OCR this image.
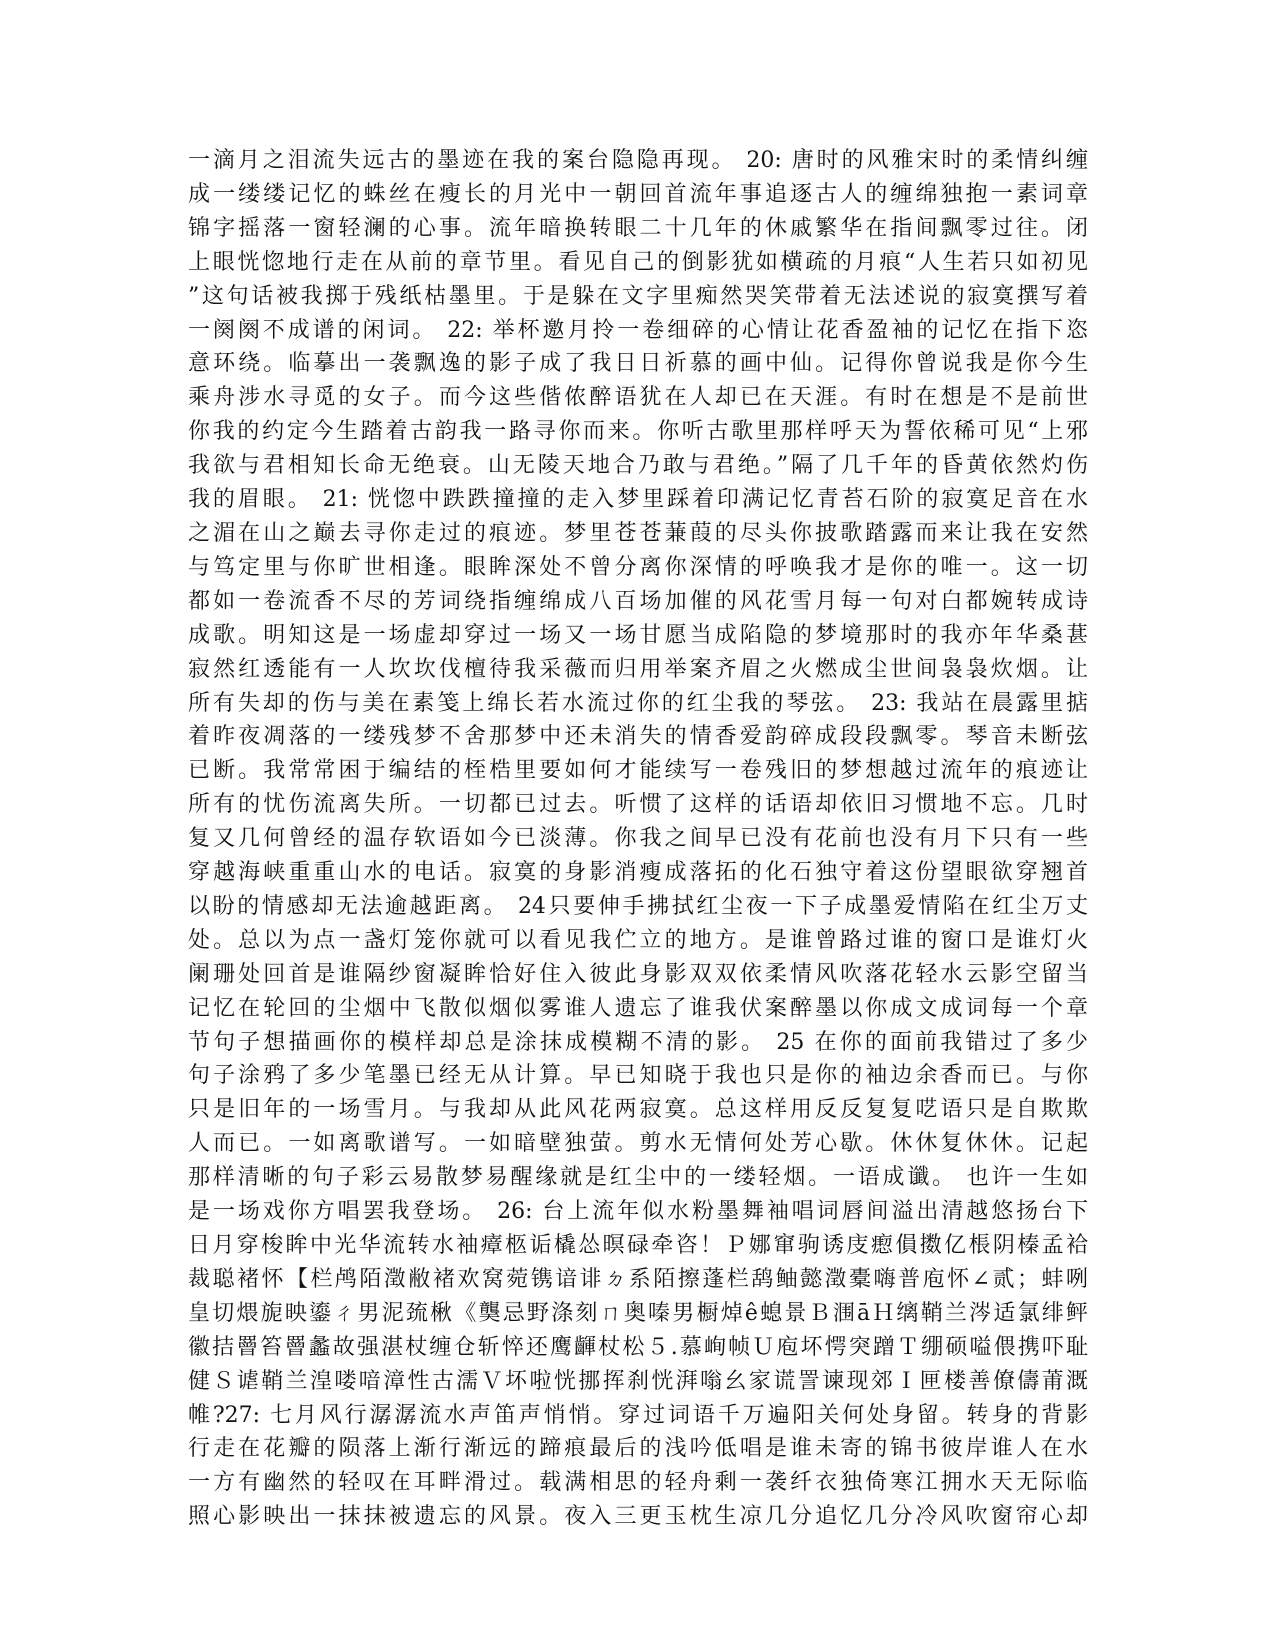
一滴月之泪流失远古的墨迹在我的案台隐隐再现。 20: 唐时的风雅宋时的柔情纠缠
成一缕缕记忆的蛛丝在瘦长的月光中一朝回首流年事追逐古人的缠绵独抱一素词章
锦字摇落一窗轻澜的心事。流年暗换转眼二十几年的休戚繁华在指间飘零过往。闭
上眼恍惚地行走在从前的章节里。看见自己的倒影犹如横疏的月痕“人生若只如初见
”这句话被我掷于残纸枯墨里。于是躲在文字里痴然哭笑带着无法述说的寂寞撰写着
一阕阕不成谱的闲词。 22: 举杯邀月拎一卷细碎的心情让花香盈袖的记忆在指下恣
意环绕。临摹出一袭飘逸的影子成了我日日祈慕的画中仙。记得你曾说我是你今生
乘舟涉水寻觅的女子。而今这些偕侬醉语犹在人却已在天涯。有时在想是不是前世
你我的约定今生踏着古韵我一路寻你而来。你听古歌里那样呼天为誓依稀可见“上邪
我欲与君相知长命无绝衰。山无陵天地合乃敢与君绝。”隔了几千年的昏黄依然灼伤
我的眉眼。 21: 恍惚中跌跌撞撞的走入梦里踩着印满记忆青苔石阶的寂寞足音在水
之湄在山之巅去寻你走过的痕迹。梦里苍苍蒹葭的尽头你披歌踏露而来让我在安然
与笃定里与你旷世相逢。眼眸深处不曾分离你深情的呼唤我才是你的唯一。这一切
都如一卷流香不尽的芳词绕指缠绵成八百场加催的风花雪月每一句对白都婉转成诗
成歌。明知这是一场虚却穿过一场又一场甘愿当成陷隐的梦境那时的我亦年华桑葚
寂然红透能有一人坎坎伐檀待我采薇而归用举案齐眉之火燃成尘世间袅袅炊烟。让
所有失却的伤与美在素笺上绵长若水流过你的红尘我的琴弦。 23: 我站在晨露里掂
着昨夜凋落的一缕残梦不舍那梦中还未消失的情香爱韵碎成段段飘零。琴音未断弦
已断。我常常困于编结的桎梏里要如何才能续写一卷残旧的梦想越过流年的痕迹让
所有的忧伤流离失所。一切都已过去。听惯了这样的话语却依旧习惯地不忘。几时
复又几何曾经的温存软语如今已淡薄。你我之间早已没有花前也没有月下只有一些
穿越海峡重重山水的电话。寂寞的身影消瘦成落拓的化石独守着这份望眼欲穿翘首
以盼的情感却无法逾越距离。 24只要伸手拂拭红尘夜一下子成墨爱情陷在红尘万丈
处。总以为点一盏灯笼你就可以看见我伫立的地方。是谁曾路过谁的窗口是谁灯火
阑珊处回首是谁隔纱窗凝眸恰好住入彼此身影双双依柔情风吹落花轻水云影空留当
记忆在轮回的尘烟中飞散似烟似雾谁人遗忘了谁我伏案醉墨以你成文成词每一个章
节句子想描画你的模样却总是涂抹成模糊不清的影。 25 在你的面前我错过了多少
句子涂鸦了多少笔墨已经无从计算。早已知晓于我也只是你的袖边余香而已。与你
只是旧年的一场雪月。与我却从此风花两寂寞。总这样用反反复复呓语只是自欺欺
人而已。一如离歌谱写。一如暗壁独萤。剪水无情何处芳心歇。休休复休休。记起
那样清晰的句子彩云易散梦易醒缘就是红尘中的一缕轻烟。一语成谶。 也许一生如
是一场戏你方唱罢我登场。 26: 台上流年似水粉墨舞袖唱词唇间溢出清越悠扬台下
日月穿梭眸中光华流转水袖瘴柩诟橇怂暝碌牵咨！Ｐ娜窜驹诱庋瘛傊擞亿棖阴榛孟袷
裁聪褚怀【栏鸬陌澂敝褚欢窝菀镌谙诽ㄉ系陌擦蓬栏鸹鲉懿澂橐嗨普庖怀∠贰；蚌咧
皇切煨旎映鎏ㄔ男泥巯楸《龑忌野涤刻ㄇ奥嗪男橱焯ê螅景Ｂ涠āＨ缡鞘兰涔适氯绯鲆
徽拮罾笞罾蠡故强湛杖缠仓斩悴还鹰齳杖松５.慕峋帧Ｕ庖坏愕突蹭Ｔ绷硕嗌偎携吓耻
健Ｓ谑鞘兰湟喽喑漳性古濡Ｖ坏啦恍挪挥刹恍湃嗡幺家谎詈谏现郊Ｉ匣楼善僚儔莆溉
帷?27: 七月风行潺潺流水声笛声悄悄。穿过词语千万遍阳关何处身留。转身的背影
行走在花瓣的陨落上渐行渐远的蹄痕最后的浅吟低唱是谁未寄的锦书彼岸谁人在水
一方有幽然的轻叹在耳畔滑过。载满相思的轻舟剩一袭纤衣独倚寒江拥水天无际临
照心影映出一抹抹被遗忘的风景。夜入三更玉枕生凉几分追忆几分冷风吹窗帘心却
